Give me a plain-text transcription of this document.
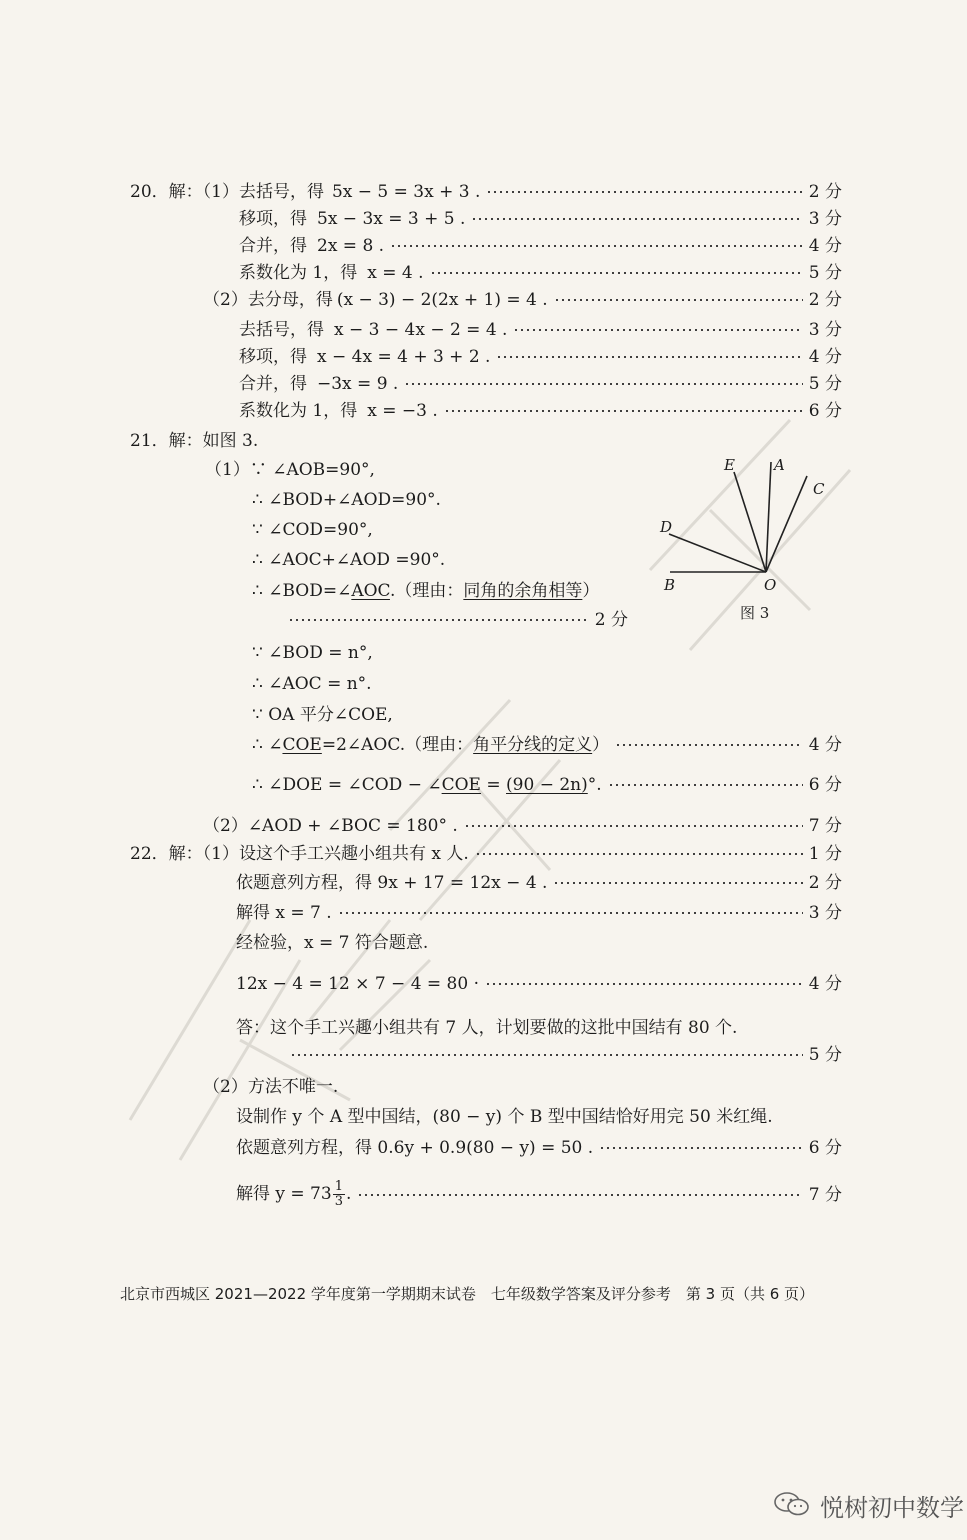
20．解：（1）去括号，得 5x − 5 = 3x + 3 .	2 分
移项，得 5x − 3x = 3 + 5 .	3 分
合并，得 2x = 8 .	4 分
系数化为 1，得 x = 4 .	5 分
（2）去分母，得 (x − 3) − 2(2x + 1) = 4 .	2 分
去括号，得 x − 3 − 4x − 2 = 4 .	3 分
移项，得 x − 4x = 4 + 3 + 2 .	4 分
合并，得 −3x = 9 .	5 分
系数化为 1，得 x = −3 .	6 分
21．解：如图 3.
（1）∵ ∠AOB=90°,
∴ ∠BOD+∠AOD=90°.
∵ ∠COD=90°,
∴ ∠AOC+∠AOD =90°.
∴ ∠BOD=∠AOC.（理由：同角的余角相等）
2 分
∵ ∠BOD = n°,
∴ ∠AOC = n°.
∵ OA 平分∠COE,
∴ ∠COE=2∠AOC.（理由：角平分线的定义）	4 分
∴ ∠DOE = ∠COD − ∠COE = (90 − 2n)°.	6 分
（2）∠AOD + ∠BOC = 180° .	7 分
E	A
C
D
B	O
图 3
22．解：（1）设这个手工兴趣小组共有 x 人.	1 分
依题意列方程，得 9x + 17 = 12x − 4 .	2 分
解得 x = 7 .	3 分
经检验，x = 7 符合题意.
12x − 4 = 12 × 7 − 4 = 80 ·	4 分
答：这个手工兴趣小组共有 7 人，计划要做的这批中国结有 80 个.
5 分
（2）方法不唯一.
设制作 y 个 A 型中国结，(80 − y) 个 B 型中国结恰好用完 50 米红绳.
依题意列方程，得 0.6y + 0.9(80 − y) = 50 .	6 分
解得 $y = 73 \frac{1}{3}$ .	7 分
北京市西城区 2021—2022 学年度第一学期期末试卷　七年级数学答案及评分参考　第 3 页（共 6 页）
悦树初中数学
